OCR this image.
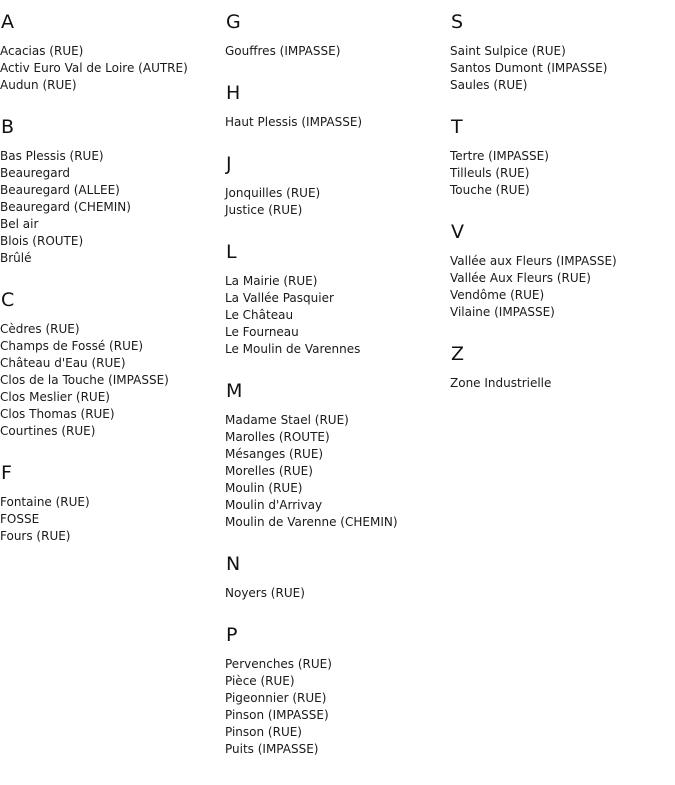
A
Acacias (RUE)
Activ Euro Val de Loire (AUTRE)
Audun (RUE)
B
Bas Plessis (RUE)
Beauregard
Beauregard (ALLEE)
Beauregard (CHEMIN)
Bel air
Blois (ROUTE)
Brûlé
C
Cèdres (RUE)
Champs de Fossé (RUE)
Château d'Eau (RUE)
Clos de la Touche (IMPASSE)
Clos Meslier (RUE)
Clos Thomas (RUE)
Courtines (RUE)
F
Fontaine (RUE)
FOSSE
Fours (RUE)
G
Gouffres (IMPASSE)
H
Haut Plessis (IMPASSE)
J
Jonquilles (RUE)
Justice (RUE)
L
La Mairie (RUE)
La Vallée Pasquier
Le Château
Le Fourneau
Le Moulin de Varennes
M
Madame Stael (RUE)
Marolles (ROUTE)
Mésanges (RUE)
Morelles (RUE)
Moulin (RUE)
Moulin d'Arrivay
Moulin de Varenne (CHEMIN)
N
Noyers (RUE)
P
Pervenches (RUE)
Pièce (RUE)
Pigeonnier (RUE)
Pinson (IMPASSE)
Pinson (RUE)
Puits (IMPASSE)
S
Saint Sulpice (RUE)
Santos Dumont (IMPASSE)
Saules (RUE)
T
Tertre (IMPASSE)
Tilleuls (RUE)
Touche (RUE)
V
Vallée aux Fleurs (IMPASSE)
Vallée Aux Fleurs (RUE)
Vendôme (RUE)
Vilaine (IMPASSE)
Z
Zone Industrielle
